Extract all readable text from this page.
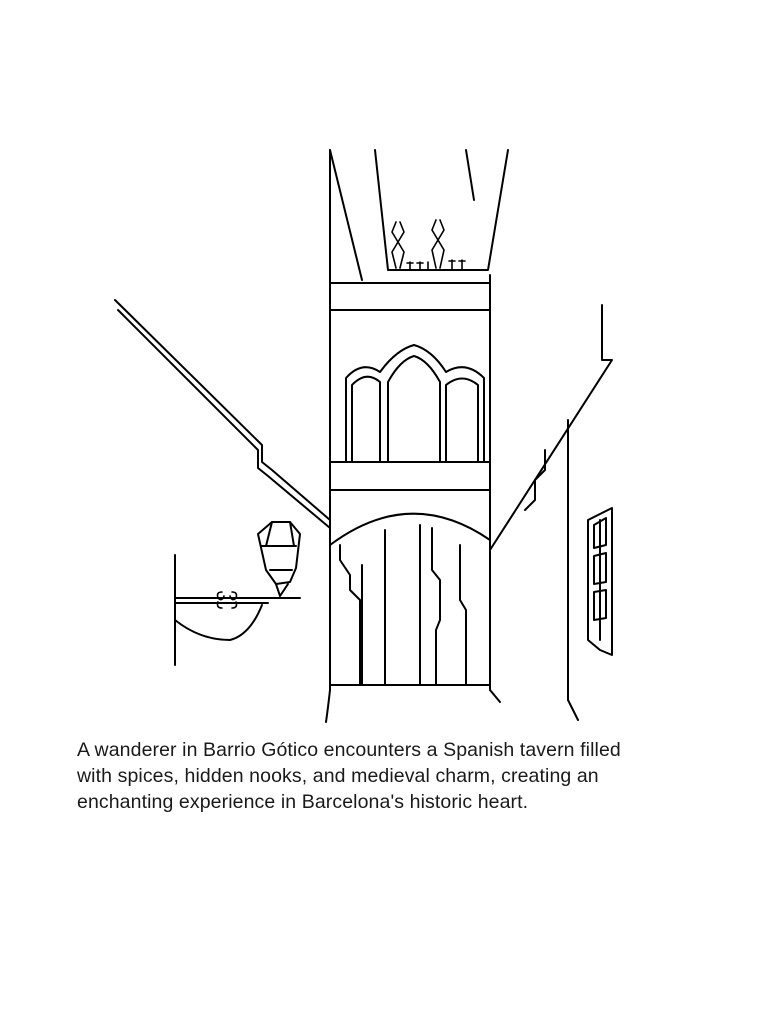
A wanderer in Barrio Gótico encounters a Spanish tavern filled
with spices, hidden nooks, and medieval charm, creating an
enchanting experience in Barcelona's historic heart.
